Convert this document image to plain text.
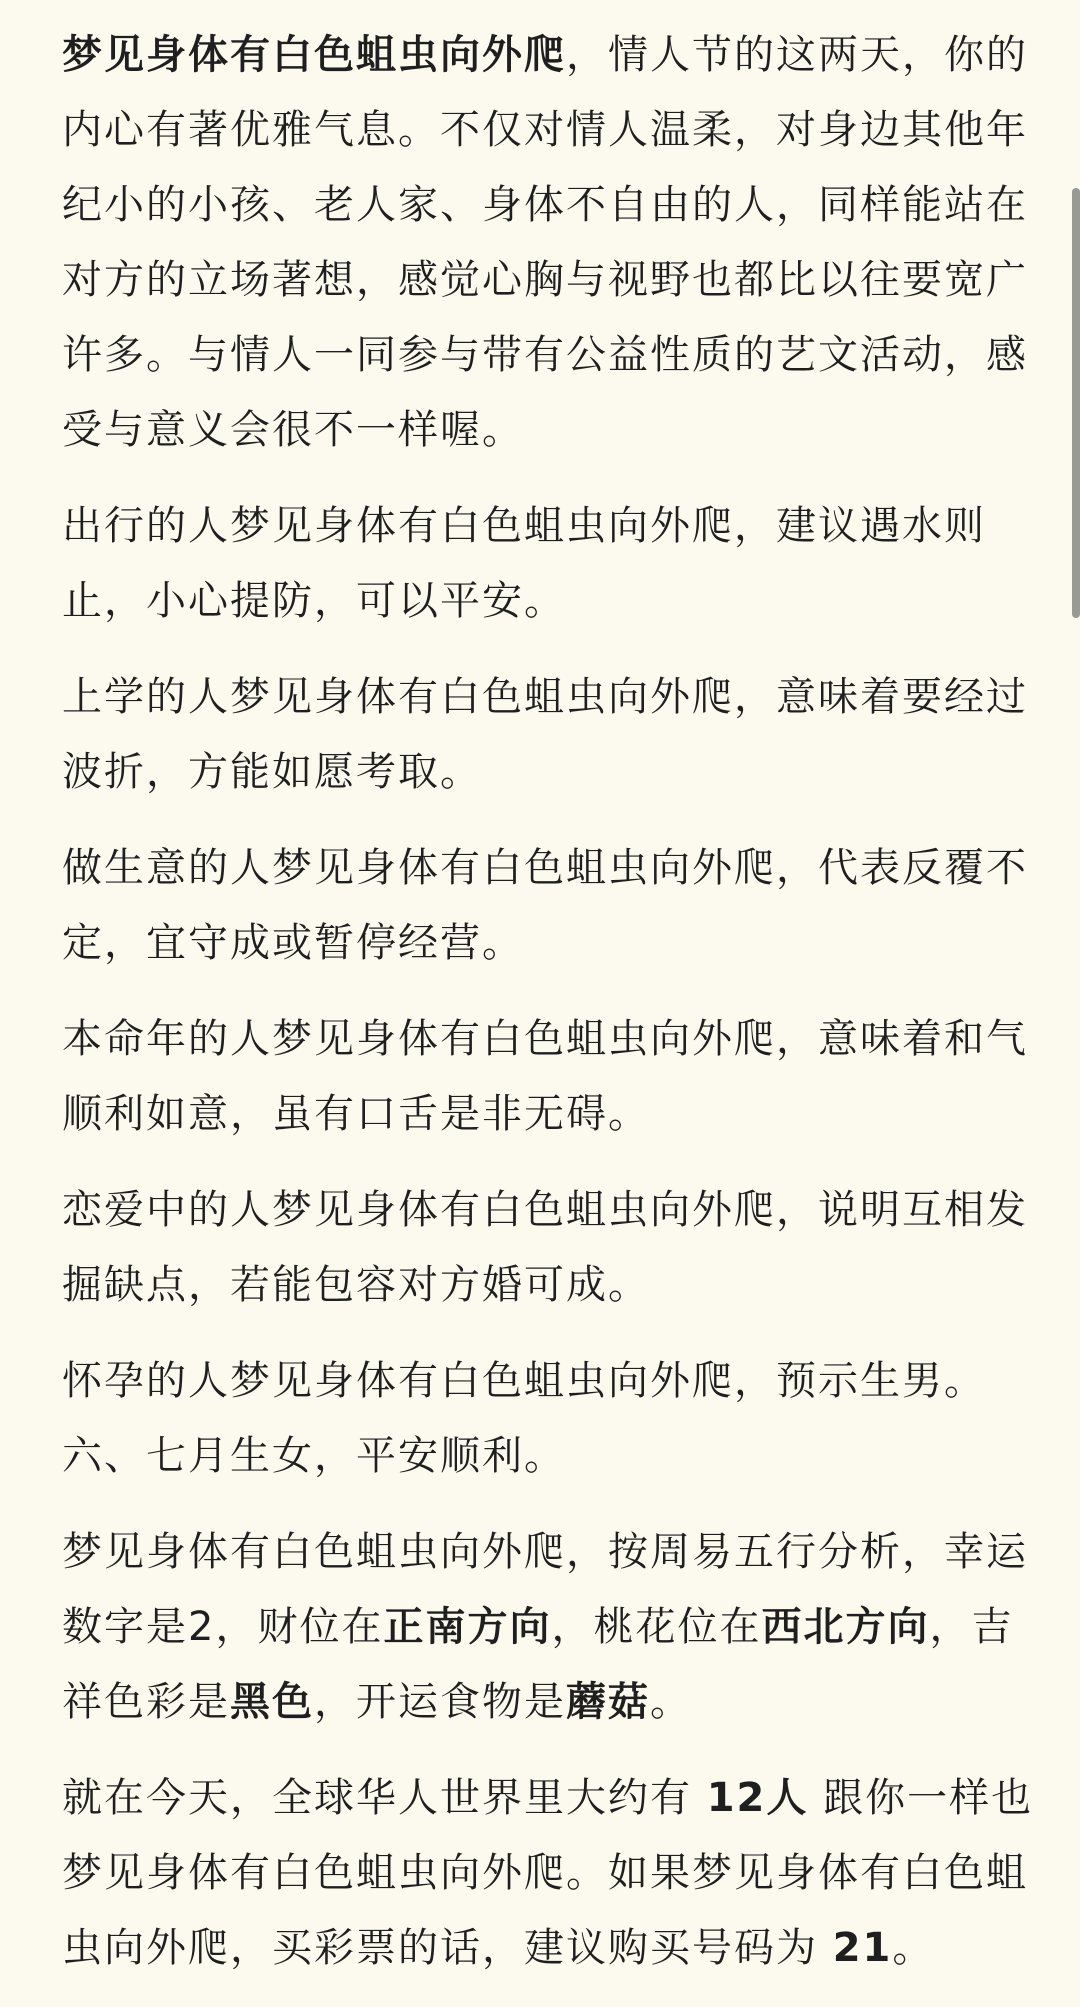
梦见身体有白色蛆虫向外爬，情人节的这两天，你的内心有著优雅气息。不仅对情人温柔，对身边其他年纪小的小孩、老人家、身体不自由的人，同样能站在对方的立场著想，感觉心胸与视野也都比以往要宽广许多。与情人一同参与带有公益性质的艺文活动，感受与意义会很不一样喔。

出行的人梦见身体有白色蛆虫向外爬，建议遇水则止，小心提防，可以平安。

上学的人梦见身体有白色蛆虫向外爬，意味着要经过波折，方能如愿考取。

做生意的人梦见身体有白色蛆虫向外爬，代表反覆不定，宜守成或暂停经营。

本命年的人梦见身体有白色蛆虫向外爬，意味着和气顺利如意，虽有口舌是非无碍。

恋爱中的人梦见身体有白色蛆虫向外爬，说明互相发掘缺点，若能包容对方婚可成。

怀孕的人梦见身体有白色蛆虫向外爬，预示生男。
六、七月生女，平安顺利。

梦见身体有白色蛆虫向外爬，按周易五行分析，幸运数字是2，财位在正南方向，桃花位在西北方向，吉祥色彩是黑色，开运食物是蘑菇。

就在今天，全球华人世界里大约有 12人 跟你一样也梦见身体有白色蛆虫向外爬。如果梦见身体有白色蛆虫向外爬，买彩票的话，建议购买号码为 21。
